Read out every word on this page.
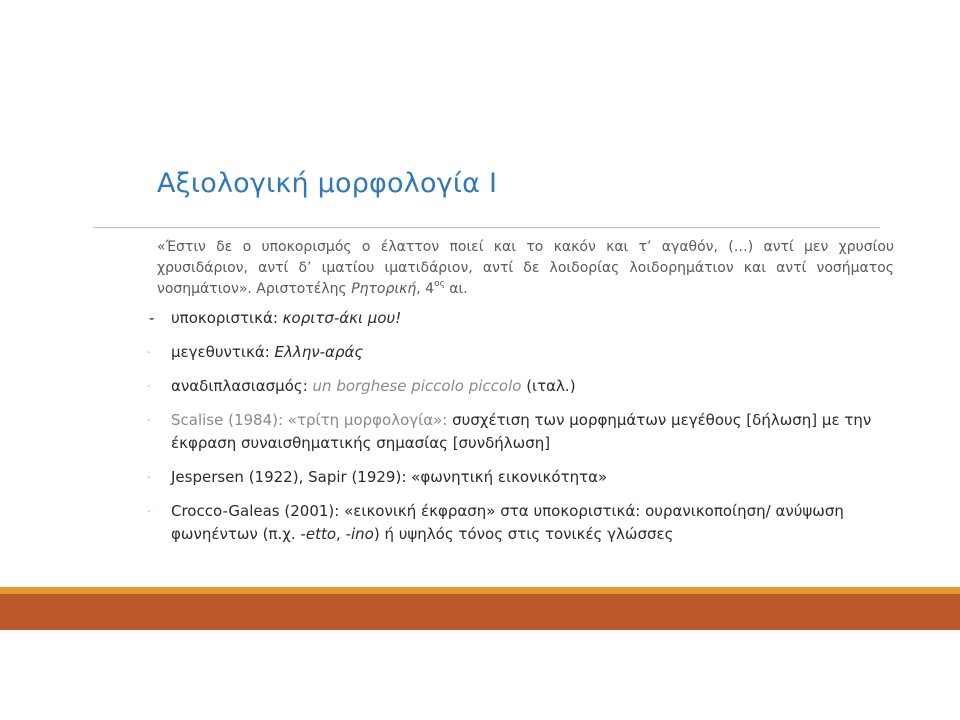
Αξιολογική μορφολογία Ι

«Έστιν δε ο υποκορισμός ο έλαττον ποιεί και το κακόν και τ’ αγαθόν, (…) αντί μεν χρυσίου χρυσιδάριον, αντί δ’ ιματίου ιματιδάριον, αντί δε λοιδορίας λοιδορημάτιον και αντί νοσήματος νοσημάτιον». Αριστοτέλης Ρητορική, $4^{o\varsigma}$ αι.

-	υποκοριστικά: κοριτσ-άκι μου!
-	μεγεθυντικά: Ελλην-αράς
-	αναδιπλασιασμός: un borghese piccolo piccolo (ιταλ.)
-	Scalise (1984): «τρίτη μορφολογία»: συσχέτιση των μορφημάτων μεγέθους [δήλωση] με την έκφραση συναισθηματικής σημασίας [συνδήλωση]
-	Jespersen (1922), Sapir (1929): «φωνητική εικονικότητα»
-	Crocco-Galeas (2001): «εικονική έκφραση» στα υποκοριστικά: ουρανικοποίηση/ ανύψωση φωνηέντων (π.χ. -etto, -ino) ή υψηλός τόνος στις τονικές γλώσσες
